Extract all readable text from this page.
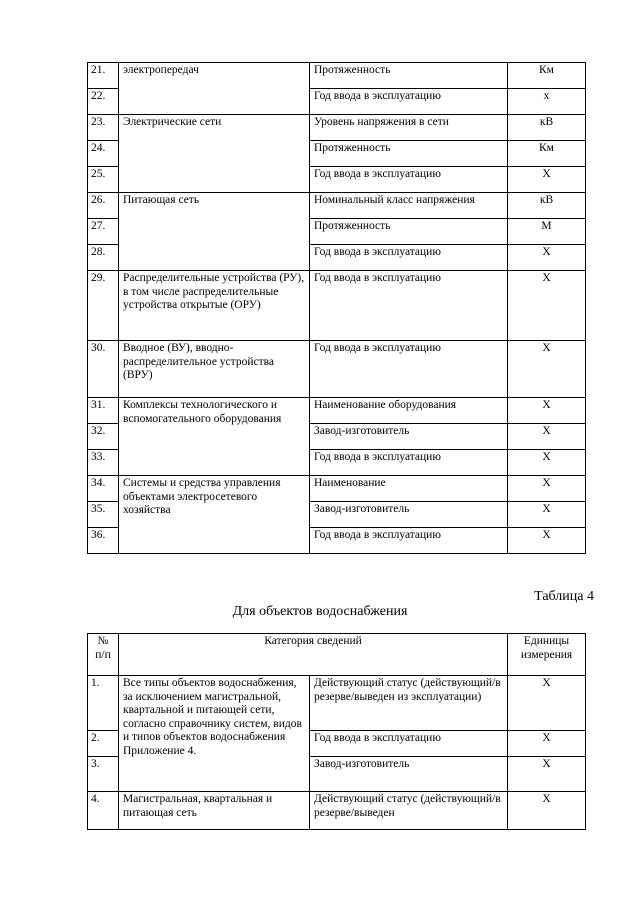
21.	электропередач	Протяженность	Км
22.		Год ввода в эксплуатацию	х
23.	Электрические сети	Уровень напряжения в сети	кВ
24.		Протяженность	Км
25.		Год ввода в эксплуатацию	Х
26.	Питающая сеть	Номинальный класс напряжения	кВ
27.		Протяженность	М
28.		Год ввода в эксплуатацию	Х
29.	Распределительные устройства (РУ), в том числе распределительные устройства открытые (ОРУ)	Год ввода в эксплуатацию	Х
30.	Вводное (ВУ), вводно-распределительное устройства (ВРУ)	Год ввода в эксплуатацию	Х
31.	Комплексы технологического и вспомогательного оборудования	Наименование оборудования	Х
32.		Завод-изготовитель	Х
33.		Год ввода в эксплуатацию	Х
34.	Системы и средства управления объектами электросетевого хозяйства	Наименование	Х
35.		Завод-изготовитель	Х
36.		Год ввода в эксплуатацию	Х
Таблица 4
Для объектов водоснабжения
№ п/п	Категория сведений		Единицы измерения
1.	Все типы объектов водоснабжения, за исключением магистральной, квартальной и питающей сети, согласно справочнику систем, видов и типов объектов водоснабжения Приложение 4.	Действующий статус (действующий/в резерве/выведен из эксплуатации)	Х
2.		Год ввода в эксплуатацию	Х
3.		Завод-изготовитель	Х
4.	Магистральная, квартальная и питающая сеть	Действующий статус (действующий/в резерве/выведен	Х
